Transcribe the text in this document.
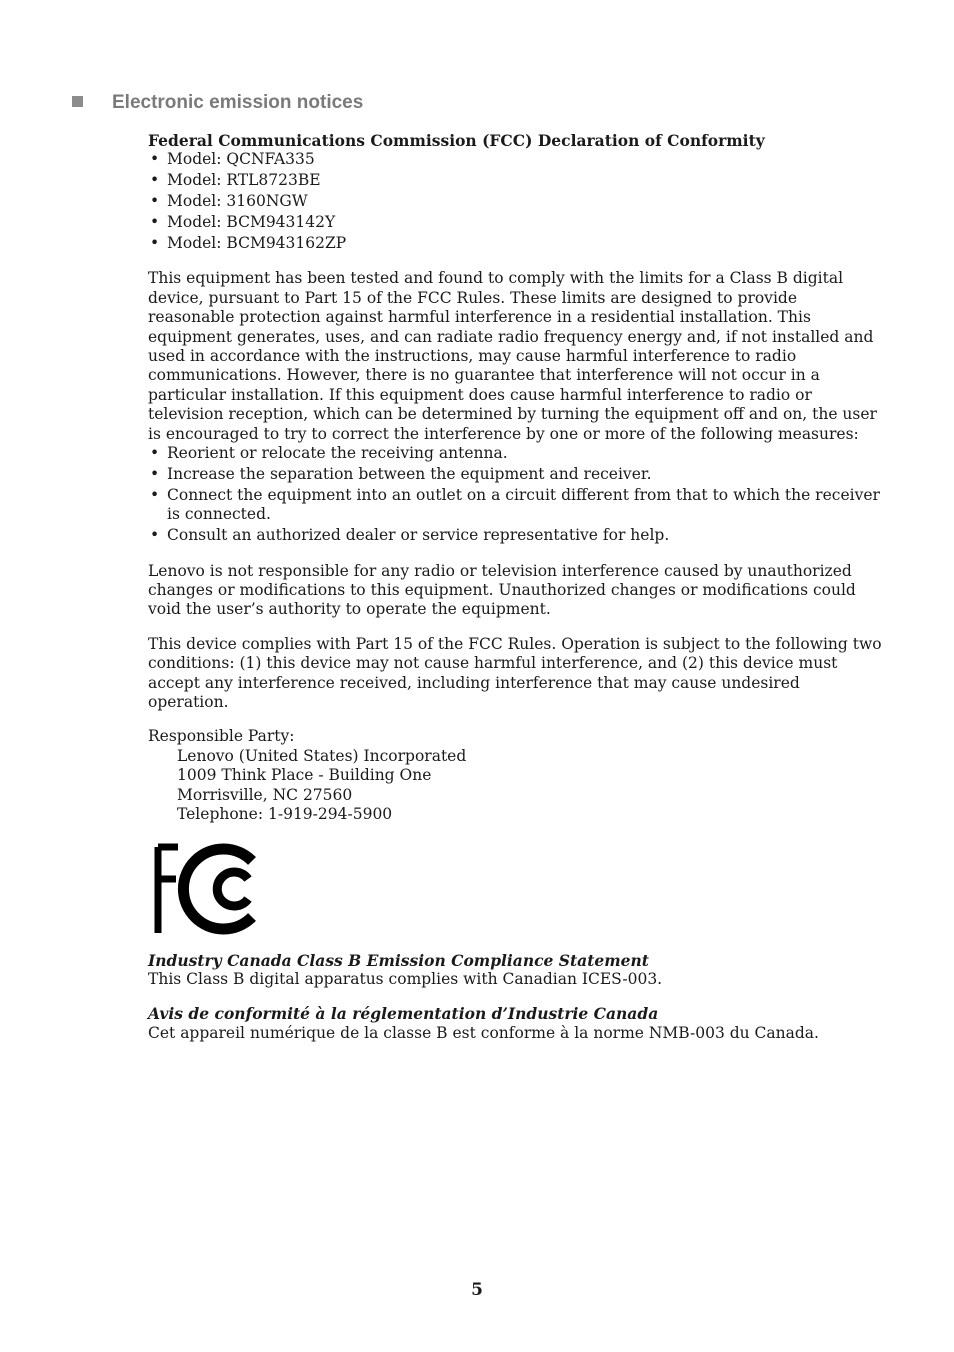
Electronic emission notices

Federal Communications Commission (FCC) Declaration of Conformity

• Model: QCNFA335
• Model: RTL8723BE
• Model: 3160NGW
• Model: BCM943142Y
• Model: BCM943162ZP

This equipment has been tested and found to comply with the limits for a Class B digital device, pursuant to Part 15 of the FCC Rules. These limits are designed to provide reasonable protection against harmful interference in a residential installation. This equipment generates, uses, and can radiate radio frequency energy and, if not installed and used in accordance with the instructions, may cause harmful interference to radio communications. However, there is no guarantee that interference will not occur in a particular installation. If this equipment does cause harmful interference to radio or television reception, which can be determined by turning the equipment off and on, the user is encouraged to try to correct the interference by one or more of the following measures:

• Reorient or relocate the receiving antenna.
• Increase the separation between the equipment and receiver.
• Connect the equipment into an outlet on a circuit different from that to which the receiver is connected.
• Consult an authorized dealer or service representative for help.

Lenovo is not responsible for any radio or television interference caused by unauthorized changes or modifications to this equipment. Unauthorized changes or modifications could void the user’s authority to operate the equipment.

This device complies with Part 15 of the FCC Rules. Operation is subject to the following two conditions: (1) this device may not cause harmful interference, and (2) this device must accept any interference received, including interference that may cause undesired operation.

Responsible Party:

Lenovo (United States) Incorporated

1009 Think Place - Building One

Morrisville, NC 27560

Telephone: 1-919-294-5900

Industry Canada Class B Emission Compliance Statement

This Class B digital apparatus complies with Canadian ICES-003.

Avis de conformité à la réglementation d’Industrie Canada

Cet appareil numérique de la classe B est conforme à la norme NMB-003 du Canada.

5
